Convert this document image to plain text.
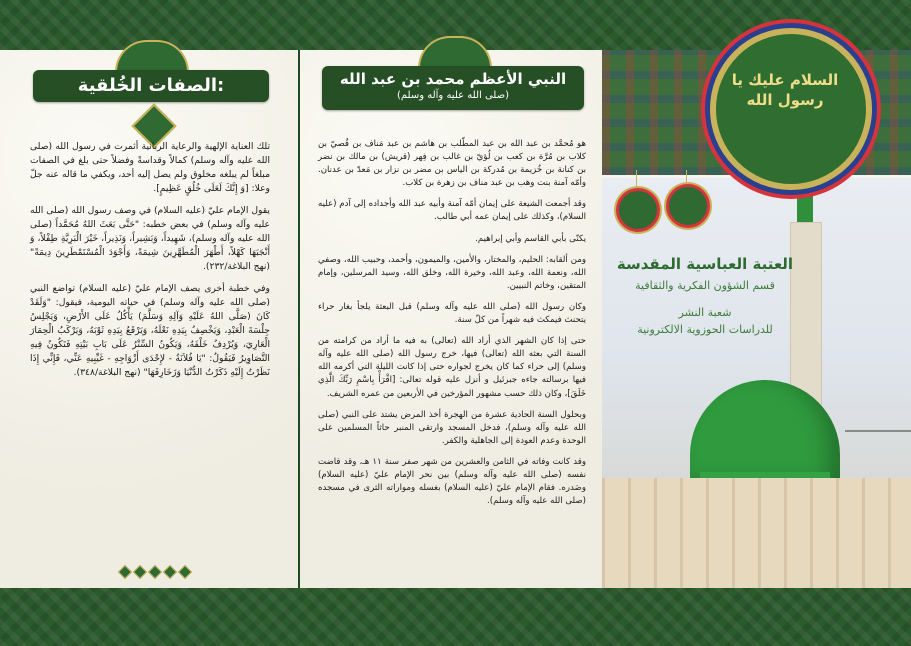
الصفات الخُلقية:

تلك العناية الإلهية والرعاية الربانية أثمرت في رسول الله (صلى الله عليه وآله وسلم) كمالاً وقداسةً وفضلاً حتى بلغ في الصفات مبلغاً لم يبلغه مخلوق ولم يصل إليه أحد، ويكفي ما قاله عنه جلّ وعلا: [وَ إِنَّكَ لَعَلَى خُلُقٍ عَظِيمٍ].

يقول الإمام عليّ (عليه السلام) في وصف رسول الله (صلى الله عليه وآله وسلم) في بعض خطبه: "حَتَّى بَعَثَ اللهُ مُحَمَّداً (صلى الله عليه وآله وسلم)، شَهِيداً، وَبَشِيراً، وَنَذِيراً، خَيْرَ الْبَرِيَّةِ طِفْلاً، وَ أَنْجَبَهَا كَهْلاً، أَطْهَرَ الْمُطَهَّرِينَ شِيمَةً، وَأَجْوَدَ الْمُسْتَمْطَرِينَ دِيمَةً" (نهج البلاغة/٢٣٢).

وفي خطبة أخرى يصف الإمام عليّ (عليه السلام) تواضع النبي (صلى الله عليه وآله وسلم) في حياته اليومية، فيقول: "وَلَقَدْ كَانَ (صَلَّى اللهُ عَلَيْهِ وَآلِهِ وَسَلَّمَ) يَأْكُلُ عَلَى الأَرْضِ، وَيَجْلِسُ جِلْسَةَ الْعَبْدِ، وَيَخْصِفُ بِيَدِهِ نَعْلَهُ، وَيَرْقَعُ بِيَدِهِ ثَوْبَهُ، وَيَرْكَبُ الْحِمَارَ الْعَارِيَ، وَيُرْدِفُ خَلْفَهُ، وَيَكُونُ السِّتْرُ عَلَى بَابِ بَيْتِهِ فَتَكُونُ فِيهِ التَّصَاوِيرُ فَيَقُولُ: "يَا فُلاَنَةُ - لإِحْدَى أَزْوَاجِهِ - غَيِّبِيهِ عَنِّي، فَإِنِّي إِذَا نَظَرْتُ إِلَيْهِ ذَكَرْتُ الدُّنْيَا وَزَخَارِفَهَا" (نهج البلاغة/٣٤٨).

النبي الأعظم محمد بن عبد الله
(صلى الله عليه وآله وسلم)

هو مُحمَّد بن عبد الله بن عبد المطّلب بن هاشم بن عبد مَناف بن قُصيّ بن كلاب بن مُرَّة بن كعب بن لُؤيّ بن غالب بن فِهر (قريش) بن مالك بن نضر بن كنانة بن خُزيمة بن مُدركة بن الياس بن مضر بن نزار بن مَعدّ بن عدنان. وأمّه آمنة بنت وهب بن عبد مناف بن زهرة بن كلاب.

وقد أجمعت الشيعة على إيمان أمّه آمنة وأبيه عبد الله وأجداده إلى آدم (عليه السلام)، وكذلك على إيمان عمه أبي طالب.

يكنّى بأبي القاسم وأبي إبراهيم.

ومن ألقابه: الحليم، والمختار، والأمين، والميمون، وأحمد، وحبيب الله، وصفي الله، ونعمة الله، وعبد الله، وخيرة الله، وخلق الله، وسيد المرسلين، وإمام المتقين، وخاتم النبيين.

وكان رسول الله (صلى الله عليه وآله وسلم) قبل البعثة يلجأ بغار حراء يتحنث فيمكث فيه شهراً من كلّ سنة.

حتى إذا كان الشهر الذي أراد الله (تعالى) به فيه ما أراد من كرامته من السنة التي بعثه الله (تعالى) فيها، خرج رسول الله (صلى الله عليه وآله وسلم) إلى حراء كما كان يخرج لجواره حتى إذا كانت الليلة التي أكرمه الله فيها برسالته جاءه جبرئيل و أنزل عليه قوله تعالى: [اقْرَأْ بِاسْمِ رَبِّكَ الَّذِي خَلَقَ]، وكان ذلك حسب مشهور المؤرخين في الأربعين من عمره الشريف.

وبحلول السنة الحادية عشرة من الهجرة أخذ المرض يشتد على النبي (صلى الله عليه وآله وسلم)، فدخل المسجد وارتقى المنبر حاثاً المسلمين على الوحدة وعدم العودة إلى الجاهلية والكفر.

وقد كانت وفاته في الثامن والعشرين من شهر صفر سنة ١١ هـ، وقد قاضت نفسه (صلى الله عليه وآله وسلم) بين نحر الإمام عليّ (عليه السلام) وصَدره. فقام الإمام عليّ (عليه السلام) بغسله ومواراته الثرى في مسجده (صلى الله عليه وآله وسلم).

السلام عليك يا رسول الله
العتبة العباسية المقدسة
قسم الشؤون الفكرية والثقافية
شعبة النشر
للدراسات الحوزوية الالكترونية
